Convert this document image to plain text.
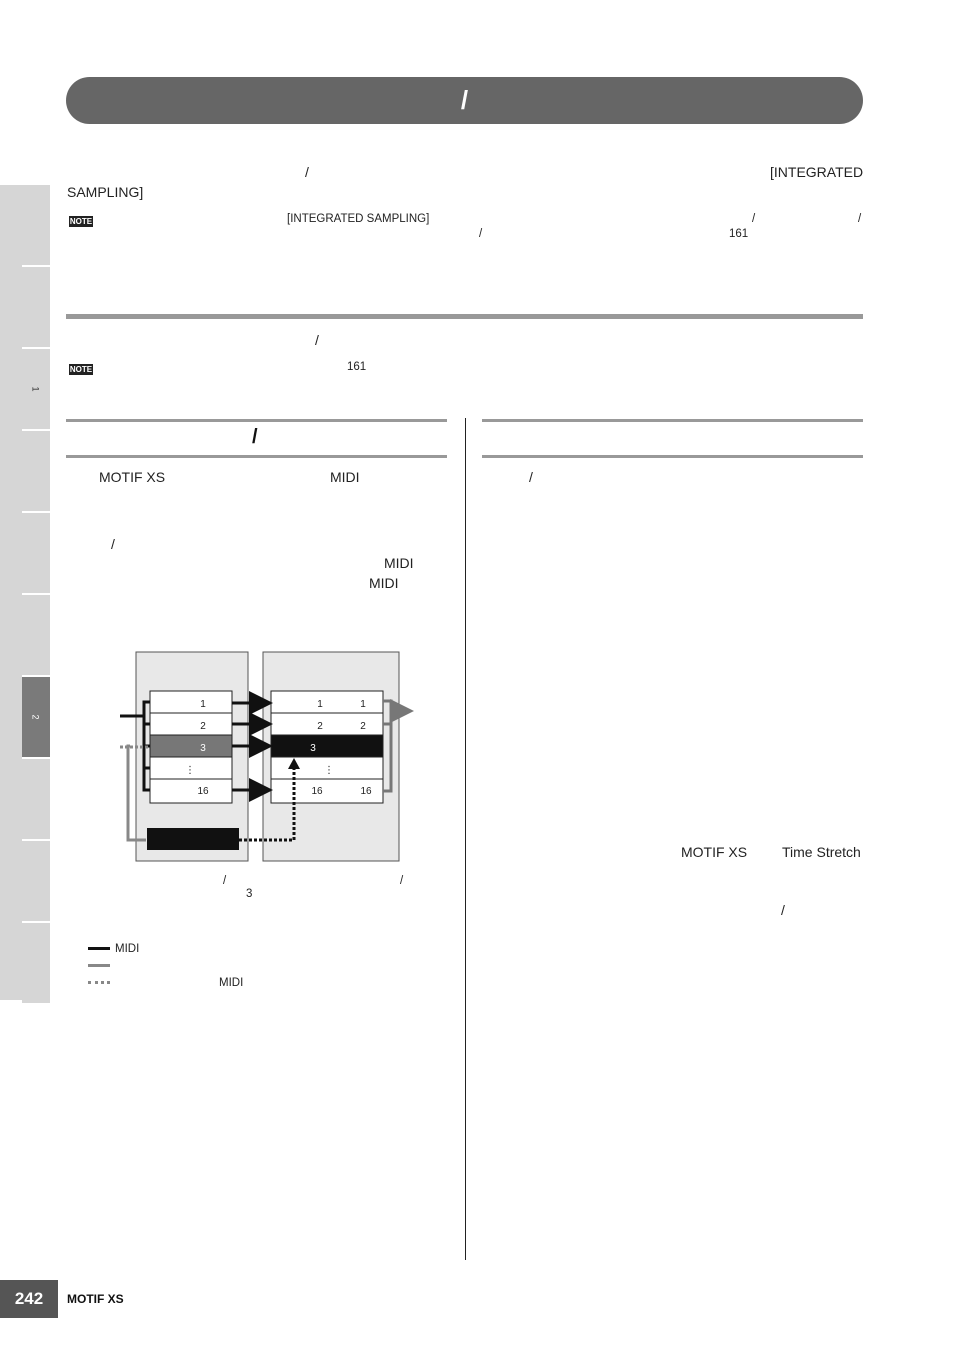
/
1
2
/	[INTEGRATED
SAMPLING]
NOTE	[INTEGRATED SAMPLING]	/	/
/	161
/
NOTE	161
/
MOTIF XS	MIDI
/
MIDI
MIDI
1
2
3
⋮
16
1	1
2	2
3
⋮
16	16
/	/
3
MIDI
MIDI
/
MOTIF XS Time Stretch
/
242 MOTIF XS
